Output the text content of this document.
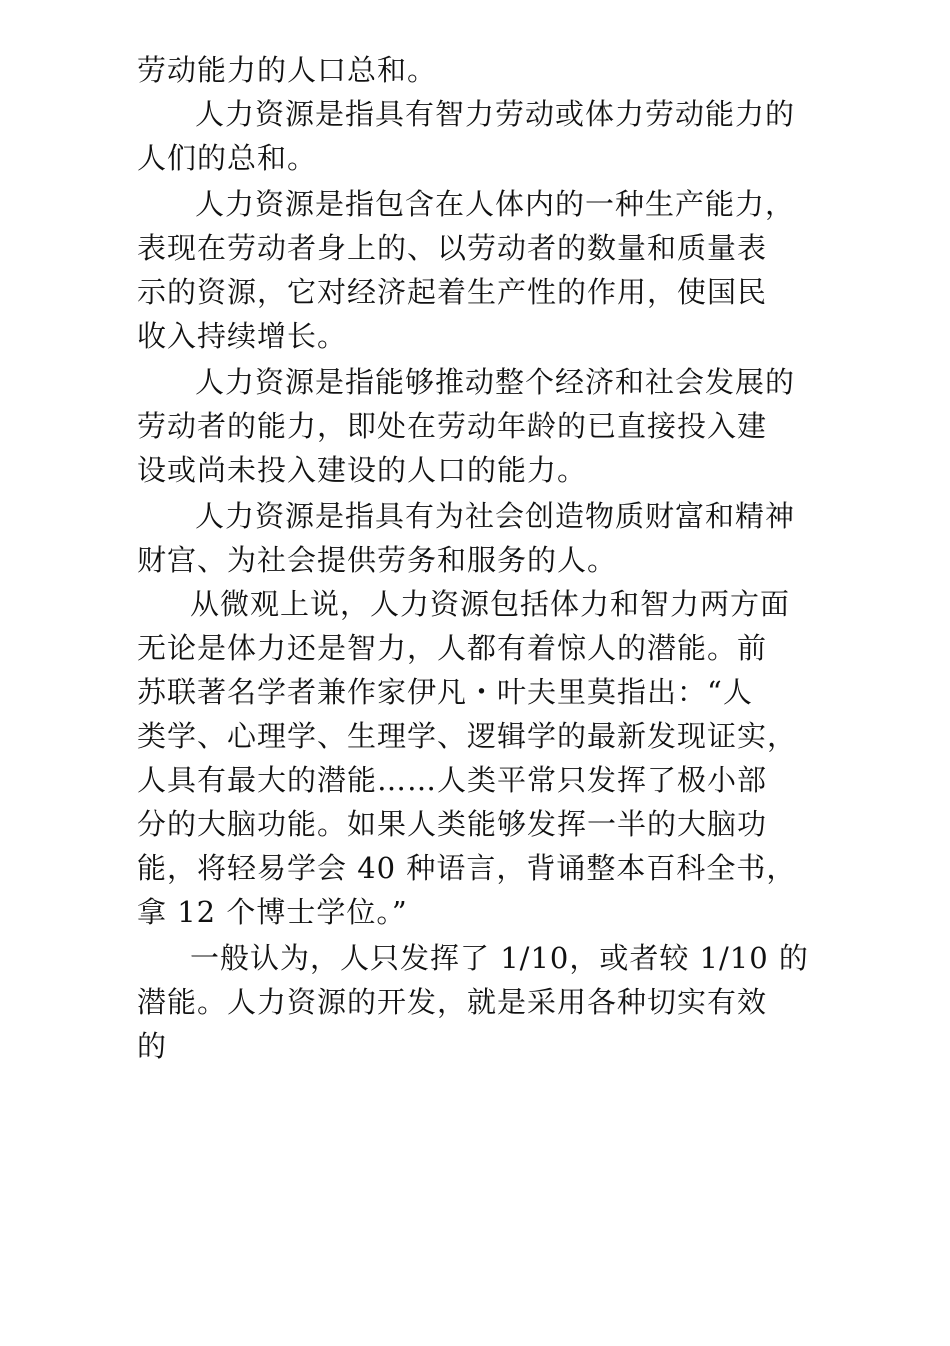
劳动能力的人口总和。
人力资源是指具有智力劳动或体力劳动能力的
人们的总和。
人力资源是指包含在人体内的一种生产能力，
表现在劳动者身上的、以劳动者的数量和质量表
示的资源，它对经济起着生产性的作用，使国民
收入持续增长。
人力资源是指能够推动整个经济和社会发展的
劳动者的能力，即处在劳动年龄的已直接投入建
设或尚未投入建设的人口的能力。
人力资源是指具有为社会创造物质财富和精神
财宫、为社会提供劳务和服务的人。
从微观上说，人力资源包括体力和智力两方面
无论是体力还是智力，人都有着惊人的潜能。前
苏联著名学者兼作家伊凡・叶夫里莫指出：“人
类学、心理学、生理学、逻辑学的最新发现证实，
人具有最大的潜能……人类平常只发挥了极小部
分的大脑功能。如果人类能够发挥一半的大脑功
能，将轻易学会 40 种语言，背诵整本百科全书，
拿 12 个博士学位。”
一般认为，人只发挥了 1/10，或者较 1/10 的
潜能。人力资源的开发，就是采用各种切实有效
的
